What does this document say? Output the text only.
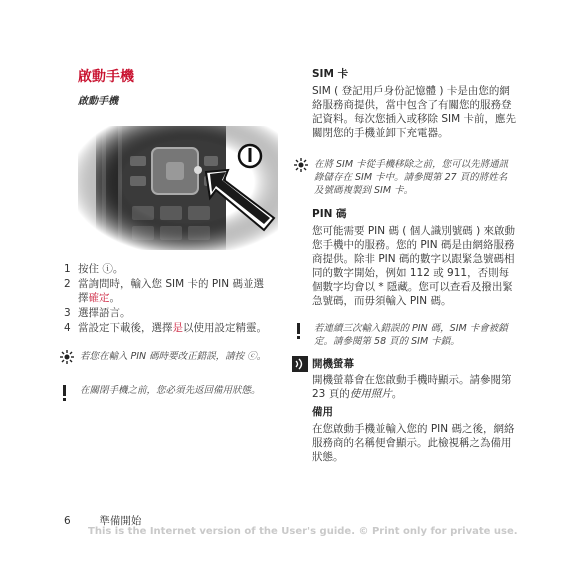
啟動手機
啟動手機
1 按住 ⓘ。
2 當詢問時，輸入您 SIM 卡的 PIN 碼並選擇確定。
3 選擇語言。
4 當設定下載後，選擇是以使用設定精靈。
若您在輸入 PIN 碼時要改正錯誤，請按 ⓒ。
在關閉手機之前，您必須先返回備用狀態。
SIM 卡

SIM ( 登記用戶身份記憶體 ) 卡是由您的網絡服務商提供，當中包含了有關您的服務登記資料。每次您插入或移除 SIM 卡前，應先關閉您的手機並卸下充電器。

在將 SIM 卡從手機移除之前，您可以先將通訊錄儲存在 SIM 卡中。請參閱第 27 頁的將姓名及號碼複製到 SIM 卡。
PIN 碼

您可能需要 PIN 碼 ( 個人識別號碼 ) 來啟動您手機中的服務。您的 PIN 碼是由網絡服務商提供。除非 PIN 碼的數字以跟緊急號碼相同的數字開始，例如 112 或 911，否則每個數字均會以 * 隱藏。您可以查看及撥出緊急號碼，而毋須輸入 PIN 碼。

若連續三次輸入錯誤的 PIN 碼，SIM 卡會被鎖定。請參閱第 58 頁的 SIM 卡鎖。
開機螢幕

開機螢幕會在您啟動手機時顯示。請參閱第 23 頁的使用照片。

備用

在您啟動手機並輸入您的 PIN 碼之後，網絡服務商的名稱便會顯示。此檢視稱之為備用狀態。

6	準備開始
This is the Internet version of the User's guide. © Print only for private use.
